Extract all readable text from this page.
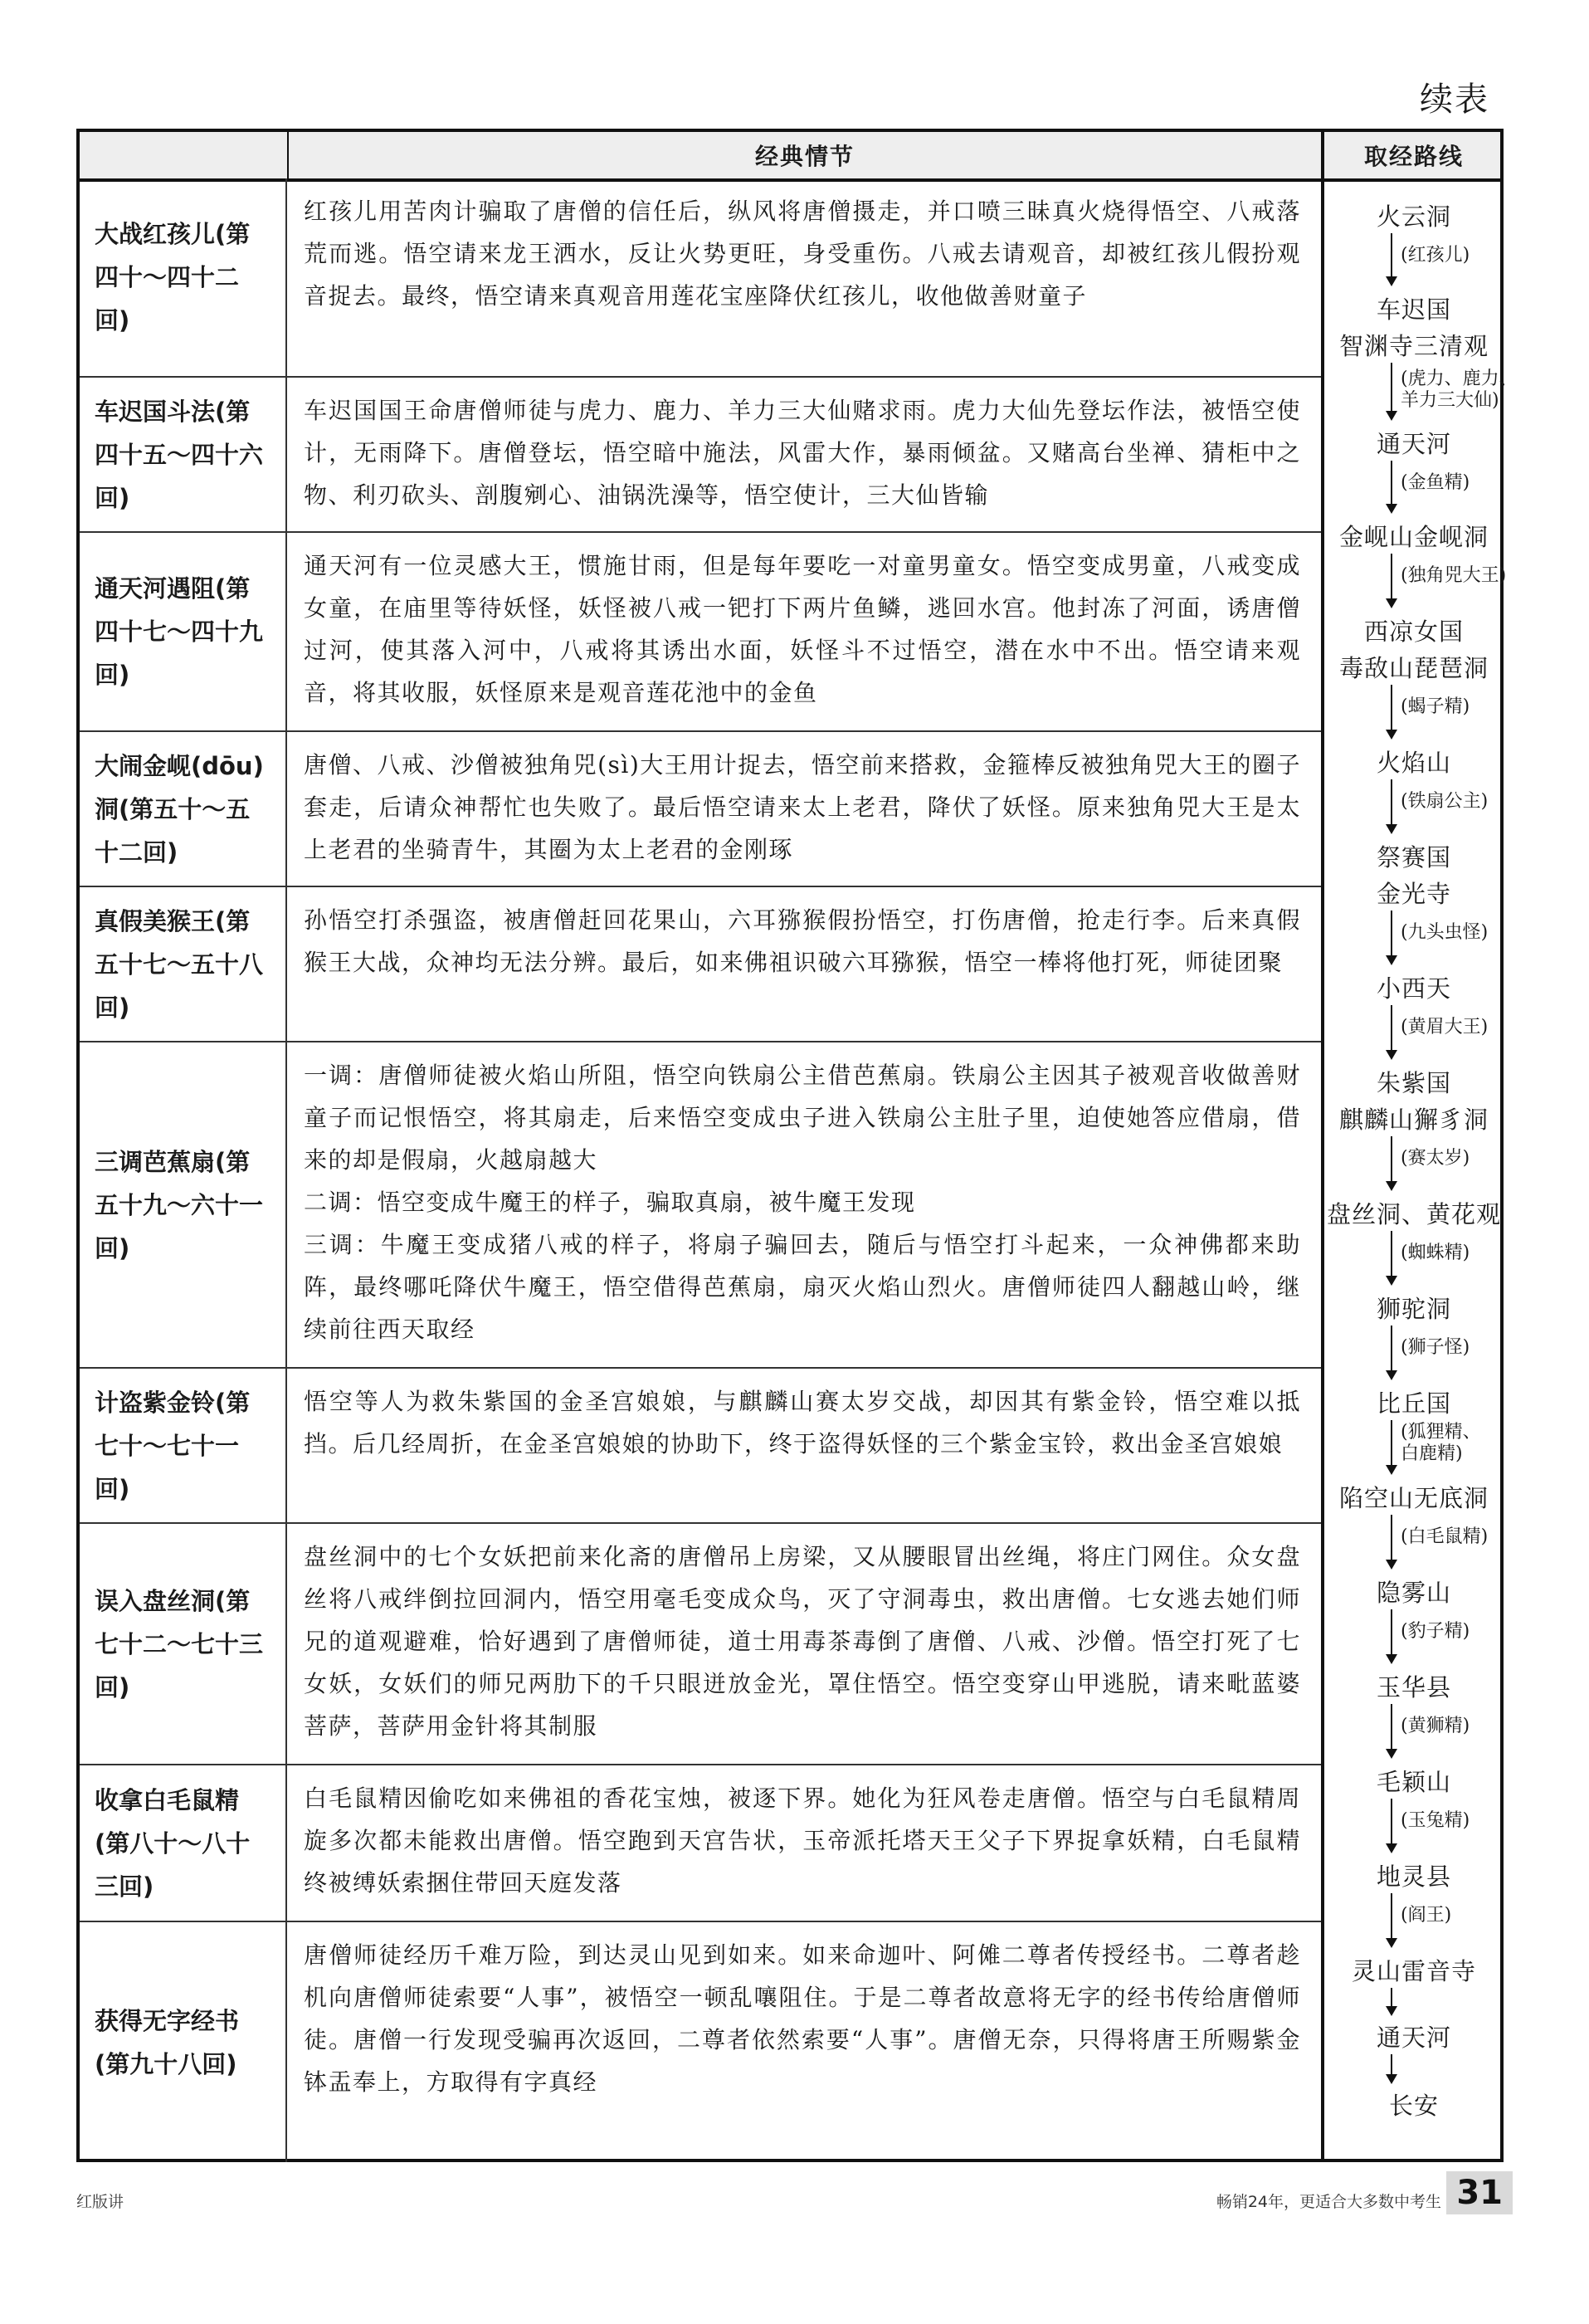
续表
经典情节	取经路线
大战红孩儿(第四十～四十二回)

红孩儿用苦肉计骗取了唐僧的信任后，纵风将唐僧摄走，并口喷三昧真火烧得悟空、八戒落荒而逃。悟空请来龙王洒水，反让火势更旺，身受重伤。八戒去请观音，却被红孩儿假扮观音捉去。最终，悟空请来真观音用莲花宝座降伏红孩儿，收他做善财童子

车迟国斗法(第四十五～四十六回)

车迟国国王命唐僧师徒与虎力、鹿力、羊力三大仙赌求雨。虎力大仙先登坛作法，被悟空使计，无雨降下。唐僧登坛，悟空暗中施法，风雷大作，暴雨倾盆。又赌高台坐禅、猜柜中之物、利刃砍头、剖腹剜心、油锅洗澡等，悟空使计，三大仙皆输

通天河遇阻(第四十七～四十九回)

通天河有一位灵感大王，惯施甘雨，但是每年要吃一对童男童女。悟空变成男童，八戒变成女童，在庙里等待妖怪，妖怪被八戒一钯打下两片鱼鳞，逃回水宫。他封冻了河面，诱唐僧过河，使其落入河中，八戒将其诱出水面，妖怪斗不过悟空，潜在水中不出。悟空请来观音，将其收服，妖怪原来是观音莲花池中的金鱼

大闹金岘(dōu)洞(第五十～五十二回)

唐僧、八戒、沙僧被独角兕(sì)大王用计捉去，悟空前来搭救，金箍棒反被独角兕大王的圈子套走，后请众神帮忙也失败了。最后悟空请来太上老君，降伏了妖怪。原来独角兕大王是太上老君的坐骑青牛，其圈为太上老君的金刚琢

真假美猴王(第五十七～五十八回)

孙悟空打杀强盗，被唐僧赶回花果山，六耳猕猴假扮悟空，打伤唐僧，抢走行李。后来真假猴王大战，众神均无法分辨。最后，如来佛祖识破六耳猕猴，悟空一棒将他打死，师徒团聚

三调芭蕉扇(第五十九～六十一回)

一调：唐僧师徒被火焰山所阻，悟空向铁扇公主借芭蕉扇。铁扇公主因其子被观音收做善财童子而记恨悟空，将其扇走，后来悟空变成虫子进入铁扇公主肚子里，迫使她答应借扇，借来的却是假扇，火越扇越大

二调：悟空变成牛魔王的样子，骗取真扇，被牛魔王发现

三调：牛魔王变成猪八戒的样子，将扇子骗回去，随后与悟空打斗起来，一众神佛都来助阵，最终哪吒降伏牛魔王，悟空借得芭蕉扇，扇灭火焰山烈火。唐僧师徒四人翻越山岭，继续前往西天取经

计盗紫金铃(第七十～七十一回)

悟空等人为救朱紫国的金圣宫娘娘，与麒麟山赛太岁交战，却因其有紫金铃，悟空难以抵挡。后几经周折，在金圣宫娘娘的协助下，终于盗得妖怪的三个紫金宝铃，救出金圣宫娘娘

误入盘丝洞(第七十二～七十三回)

盘丝洞中的七个女妖把前来化斋的唐僧吊上房梁，又从腰眼冒出丝绳，将庄门网住。众女盘丝将八戒绊倒拉回洞内，悟空用毫毛变成众鸟，灭了守洞毒虫，救出唐僧。七女逃去她们师兄的道观避难，恰好遇到了唐僧师徒，道士用毒茶毒倒了唐僧、八戒、沙僧。悟空打死了七女妖，女妖们的师兄两肋下的千只眼迸放金光，罩住悟空。悟空变穿山甲逃脱，请来毗蓝婆菩萨，菩萨用金针将其制服

收拿白毛鼠精(第八十～八十三回)

白毛鼠精因偷吃如来佛祖的香花宝烛，被逐下界。她化为狂风卷走唐僧。悟空与白毛鼠精周旋多次都未能救出唐僧。悟空跑到天宫告状，玉帝派托塔天王父子下界捉拿妖精，白毛鼠精终被缚妖索捆住带回天庭发落

获得无字经书(第九十八回)

唐僧师徒经历千难万险，到达灵山见到如来。如来命迦叶、阿傩二尊者传授经书。二尊者趁机向唐僧师徒索要“人事”，被悟空一顿乱嚷阻住。于是二尊者故意将无字的经书传给唐僧师徒。唐僧一行发现受骗再次返回，二尊者依然索要“人事”。唐僧无奈，只得将唐王所赐紫金钵盂奉上，方取得有字真经

火云洞
车迟国
智渊寺三清观
通天河
金岘山金岘洞
西凉女国
毒敌山琵琶洞
火焰山
祭赛国
金光寺
小西天
朱紫国
麒麟山獬豸洞
盘丝洞、黄花观
狮驼洞
比丘国
陷空山无底洞
隐雾山
玉华县
毛颖山
地灵县
灵山雷音寺
通天河
长安
(红孩儿)
(虎力、鹿力、
羊力三大仙)
(金鱼精)
(独角兕大王)
(蝎子精)
(铁扇公主)
(九头虫怪)
(黄眉大王)
(赛太岁)
(蜘蛛精)
(狮子怪)
(狐狸精、
白鹿精)
(白毛鼠精)
(豹子精)
(黄狮精)
(玉兔精)
(阎王)
红版讲	畅销24年，更适合大多数中考生 31
